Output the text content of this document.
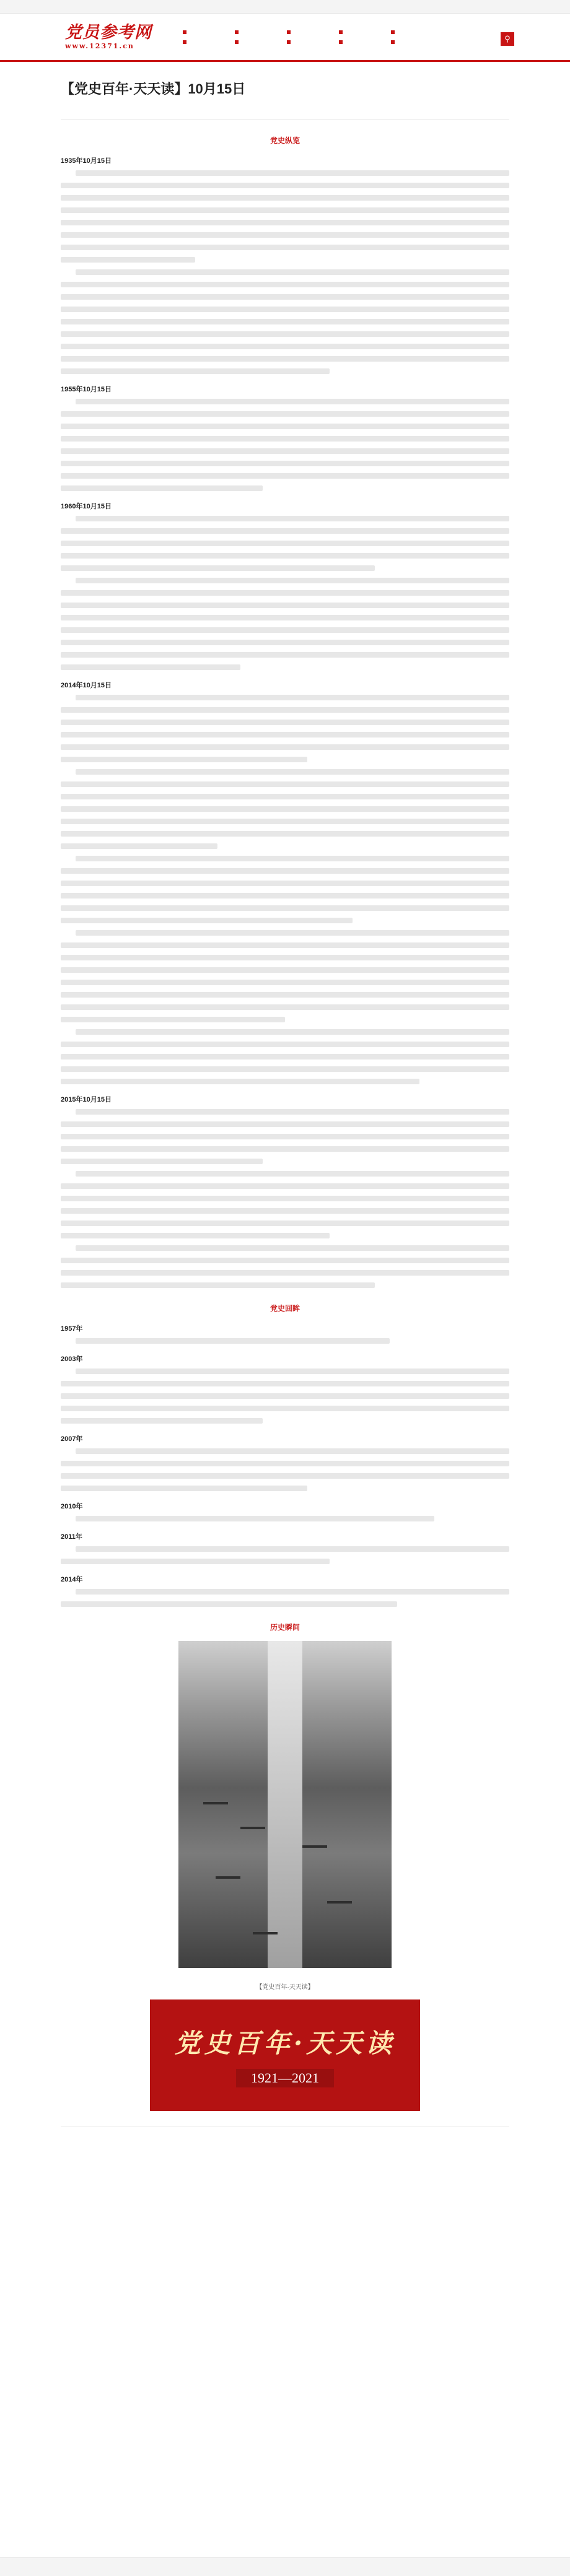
党员参考网
www.12371.cn
⚲
【党史百年·天天读】10月15日
党史纵览
1935年10月15日
1955年10月15日
1960年10月15日
2014年10月15日
2015年10月15日
党史回眸
1957年
2003年
2007年
2010年
2011年
2014年
历史瞬间
【党史百年·天天读】
党史百年·天天读
1921—2021
